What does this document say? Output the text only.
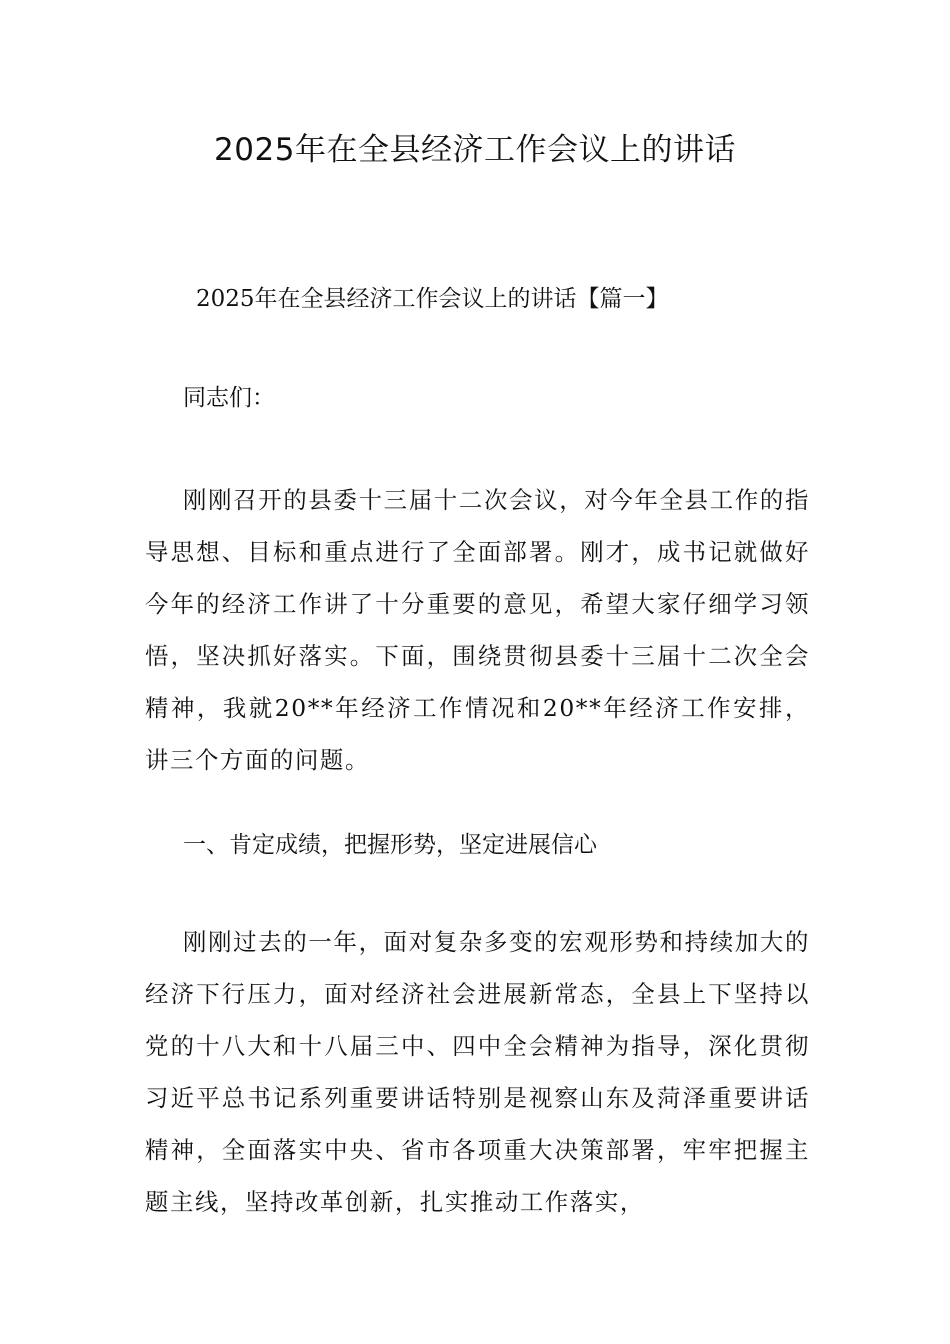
2025年在全县经济工作会议上的讲话

2025年在全县经济工作会议上的讲话【篇一】

同志们：

刚刚召开的县委十三届十二次会议，对今年全县工作的指导思想、目标和重点进行了全面部署。刚才，成书记就做好今年的经济工作讲了十分重要的意见，希望大家仔细学习领悟，坚决抓好落实。下面，围绕贯彻县委十三届十二次全会精神，我就20**年经济工作情况和20**年经济工作安排，讲三个方面的问题。

一、肯定成绩，把握形势，坚定进展信心

刚刚过去的一年，面对复杂多变的宏观形势和持续加大的经济下行压力，面对经济社会进展新常态，全县上下坚持以党的十八大和十八届三中、四中全会精神为指导，深化贯彻习近平总书记系列重要讲话特别是视察山东及菏泽重要讲话精神，全面落实中央、省市各项重大决策部署，牢牢把握主题主线，坚持改革创新，扎实推动工作落实，
